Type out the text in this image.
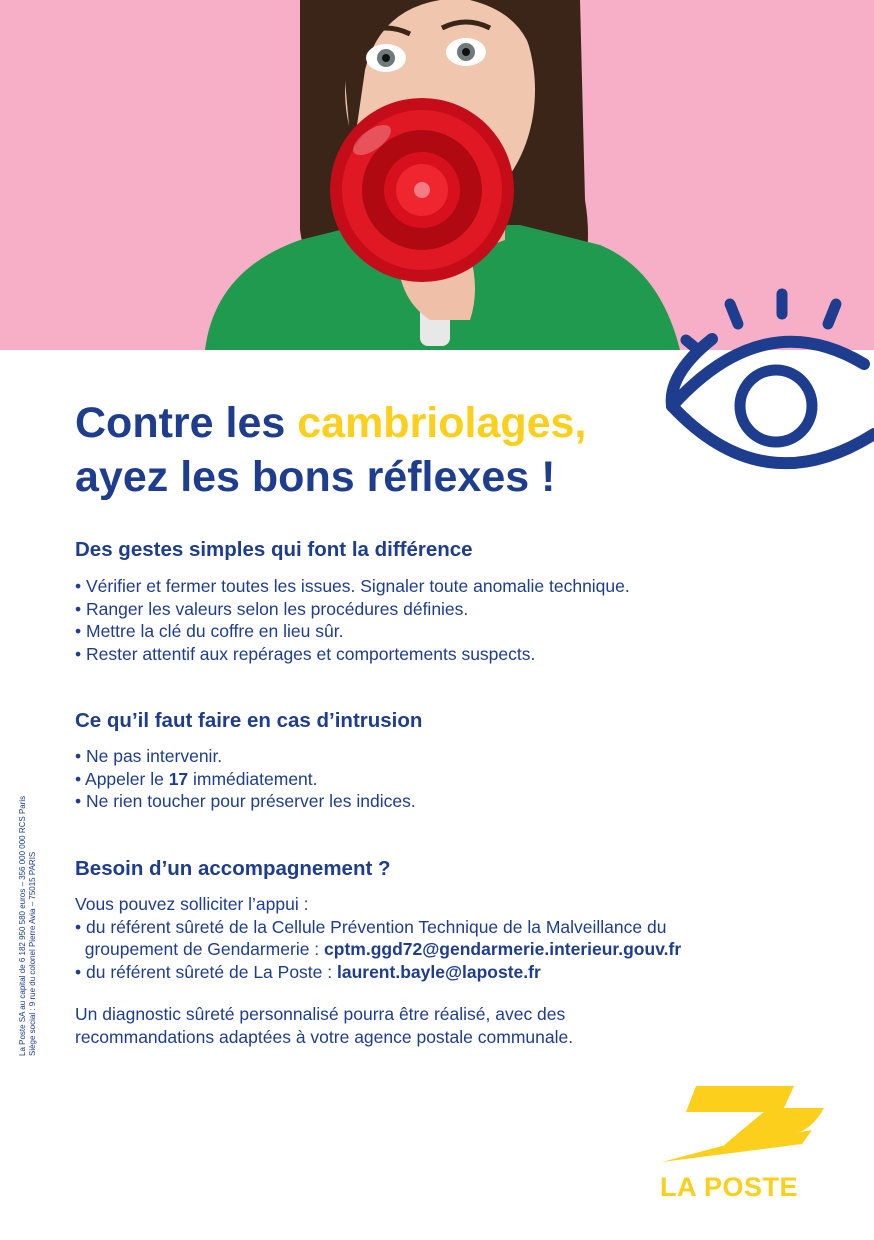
Contre les cambriolages,
ayez les bons réflexes !
Des gestes simples qui font la différence

• Vérifier et fermer toutes les issues. Signaler toute anomalie technique.

• Ranger les valeurs selon les procédures définies.

• Mettre la clé du coffre en lieu sûr.

• Rester attentif aux repérages et comportements suspects.

Ce qu’il faut faire en cas d’intrusion

• Ne pas intervenir.

• Appeler le 17 immédiatement.

• Ne rien toucher pour préserver les indices.

Besoin d’un accompagnement ?

Vous pouvez solliciter l’appui :

• du référent sûreté de la Cellule Prévention Technique de la Malveillance du

groupement de Gendarmerie : cptm.ggd72@gendarmerie.interieur.gouv.fr

• du référent sûreté de La Poste : laurent.bayle@laposte.fr

Un diagnostic sûreté personnalisé pourra être réalisé, avec des

recommandations adaptées à votre agence postale communale.

La Poste SA au capital de 6 182 950 580 euros – 356 000 000 RCS Paris Siège social : 9 rue du colonel Pierre Avia – 75015 PARIS
LA POSTE
